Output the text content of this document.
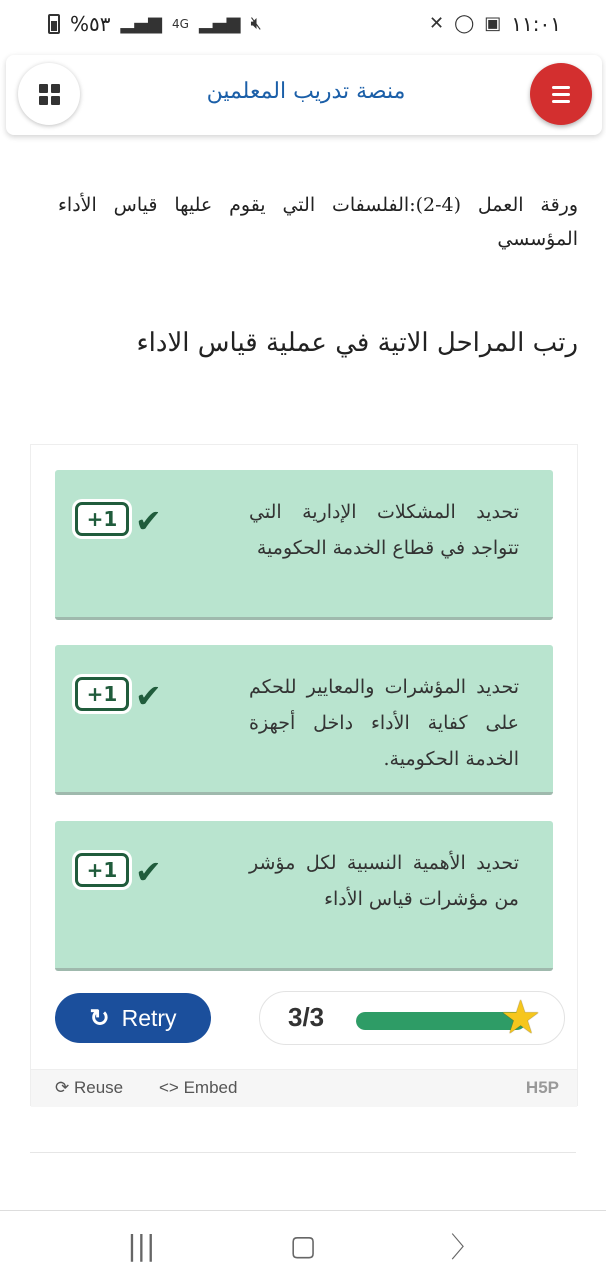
%٥٣ ▂▄▆ 4G ▂▄▆ 🔇︎	✕ ◯ ▣ ١١:٠١
منصة تدريب المعلمين
ورقة العمل (4-2):الفلسفات التي يقوم عليها قياس الأداء المؤسسي
رتب المراحل الاتية في عملية قياس الاداء
تحديد المشكلات الإدارية التي تتواجد في قطاع الخدمة الحكومية
✔
+1
تحديد المؤشرات والمعايير للحكم على كفاية الأداء داخل أجهزة الخدمة الحكومية.
✔
+1
تحديد الأهمية النسبية لكل مؤشر من مؤشرات قياس الأداء
✔
+1
↻ Retry	3/3	★
⟳ Reuse <> Embed	H5P
|||	▢	〉
